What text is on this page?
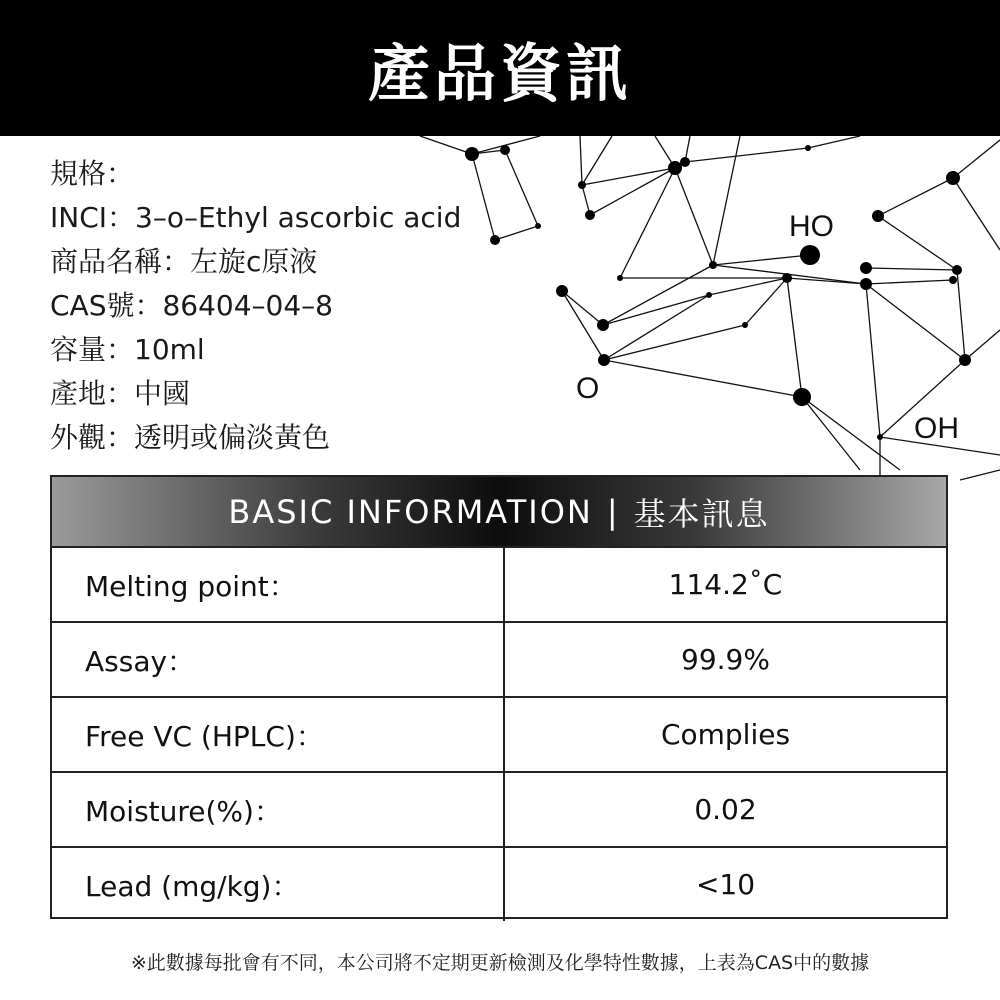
HO
O
OH
產品資訊
規格：
INCI：3–o–Ethyl ascorbic acid
商品名稱：左旋c原液
CAS號：86404–04–8
容量：10ml
產地：中國
外觀：透明或偏淡黃色
BASIC INFORMATION | 基本訊息
Melting point：	114.2˚C
Assay：	99.9%
Free VC (HPLC)：	Complies
Moisture(%)：	0.02
Lead (mg/kg)：	<10
※此數據每批會有不同，本公司將不定期更新檢測及化學特性數據，上表為CAS中的數據
